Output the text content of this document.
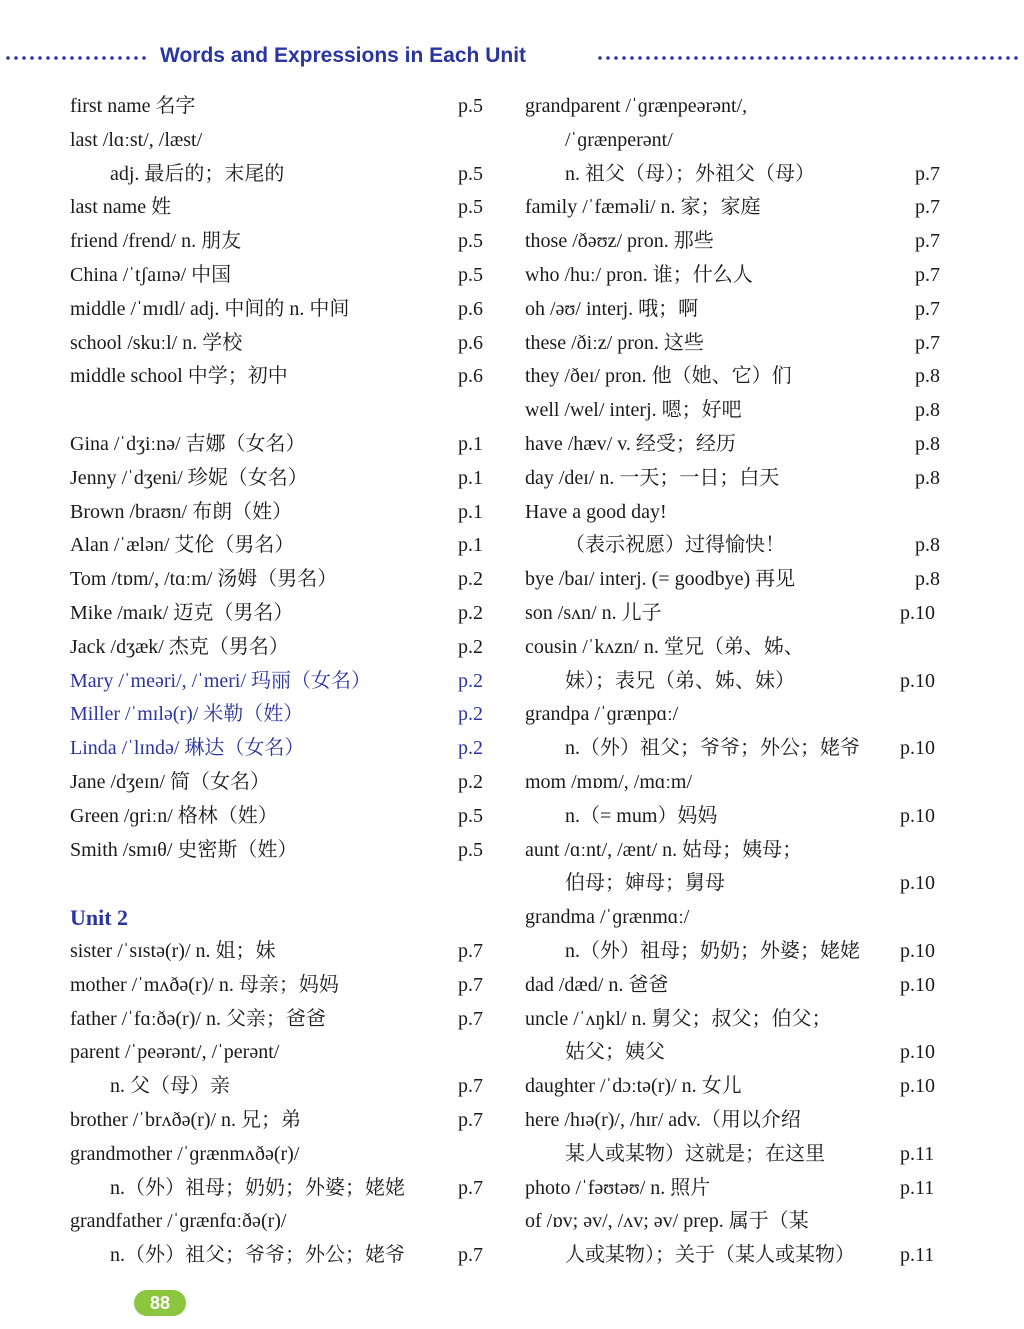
Words and Expressions in Each Unit
first name 名字	p.5
last /lɑːst/, /læst/
adj. 最后的；末尾的	p.5
last name 姓	p.5
friend /frend/ n. 朋友	p.5
China /ˈtʃaɪnə/ 中国	p.5
middle /ˈmɪdl/ adj. 中间的 n. 中间	p.6
school /skuːl/ n. 学校	p.6
middle school 中学；初中	p.6
Gina /ˈdʒiːnə/ 吉娜（女名）	p.1
Jenny /ˈdʒeni/ 珍妮（女名）	p.1
Brown /braʊn/ 布朗（姓）	p.1
Alan /ˈælən/ 艾伦（男名）	p.1
Tom /tɒm/, /tɑːm/ 汤姆（男名）	p.2
Mike /maɪk/ 迈克（男名）	p.2
Jack /dʒæk/ 杰克（男名）	p.2
Mary /ˈmeəri/, /ˈmeri/ 玛丽（女名）	p.2
Miller /ˈmɪlə(r)/ 米勒（姓）	p.2
Linda /ˈlɪndə/ 琳达（女名）	p.2
Jane /dʒeɪn/ 简（女名）	p.2
Green /ɡriːn/ 格林（姓）	p.5
Smith /smɪθ/ 史密斯（姓）	p.5
Unit 2
sister /ˈsɪstə(r)/ n. 姐；妹	p.7
mother /ˈmʌðə(r)/ n. 母亲；妈妈	p.7
father /ˈfɑːðə(r)/ n. 父亲；爸爸	p.7
parent /ˈpeərənt/, /ˈperənt/
n. 父（母）亲	p.7
brother /ˈbrʌðə(r)/ n. 兄；弟	p.7
grandmother /ˈɡrænmʌðə(r)/
n.（外）祖母；奶奶；外婆；姥姥	p.7
grandfather /ˈɡrænfɑːðə(r)/
n.（外）祖父；爷爷；外公；姥爷	p.7
grandparent /ˈɡrænpeərənt/,
/ˈɡrænperənt/
n. 祖父（母）；外祖父（母）	p.7
family /ˈfæməli/ n. 家；家庭	p.7
those /ðəʊz/ pron. 那些	p.7
who /huː/ pron. 谁；什么人	p.7
oh /əʊ/ interj. 哦；啊	p.7
these /ðiːz/ pron. 这些	p.7
they /ðeɪ/ pron. 他（她、它）们	p.8
well /wel/ interj. 嗯；好吧	p.8
have /hæv/ v. 经受；经历	p.8
day /deɪ/ n. 一天；一日；白天	p.8
Have a good day!
（表示祝愿）过得愉快！	p.8
bye /baɪ/ interj. (= goodbye) 再见	p.8
son /sʌn/ n. 儿子	p.10
cousin /ˈkʌzn/ n. 堂兄（弟、姊、
妹）；表兄（弟、姊、妹）	p.10
grandpa /ˈɡrænpɑː/
n.（外）祖父；爷爷；外公；姥爷 p.10
mom /mɒm/, /mɑːm/
n.（= mum）妈妈	p.10
aunt /ɑːnt/, /ænt/ n. 姑母；姨母；
伯母；婶母；舅母	p.10
grandma /ˈɡrænmɑː/
n.（外）祖母；奶奶；外婆；姥姥 p.10
dad /dæd/ n. 爸爸	p.10
uncle /ˈʌŋkl/ n. 舅父；叔父；伯父；
姑父；姨父	p.10
daughter /ˈdɔːtə(r)/ n. 女儿	p.10
here /hɪə(r)/, /hɪr/ adv.（用以介绍
某人或某物）这就是；在这里	p.11
photo /ˈfəʊtəʊ/ n. 照片	p.11
of /ɒv; əv/, /ʌv; əv/ prep. 属于（某
人或某物）；关于（某人或某物） p.11
88
